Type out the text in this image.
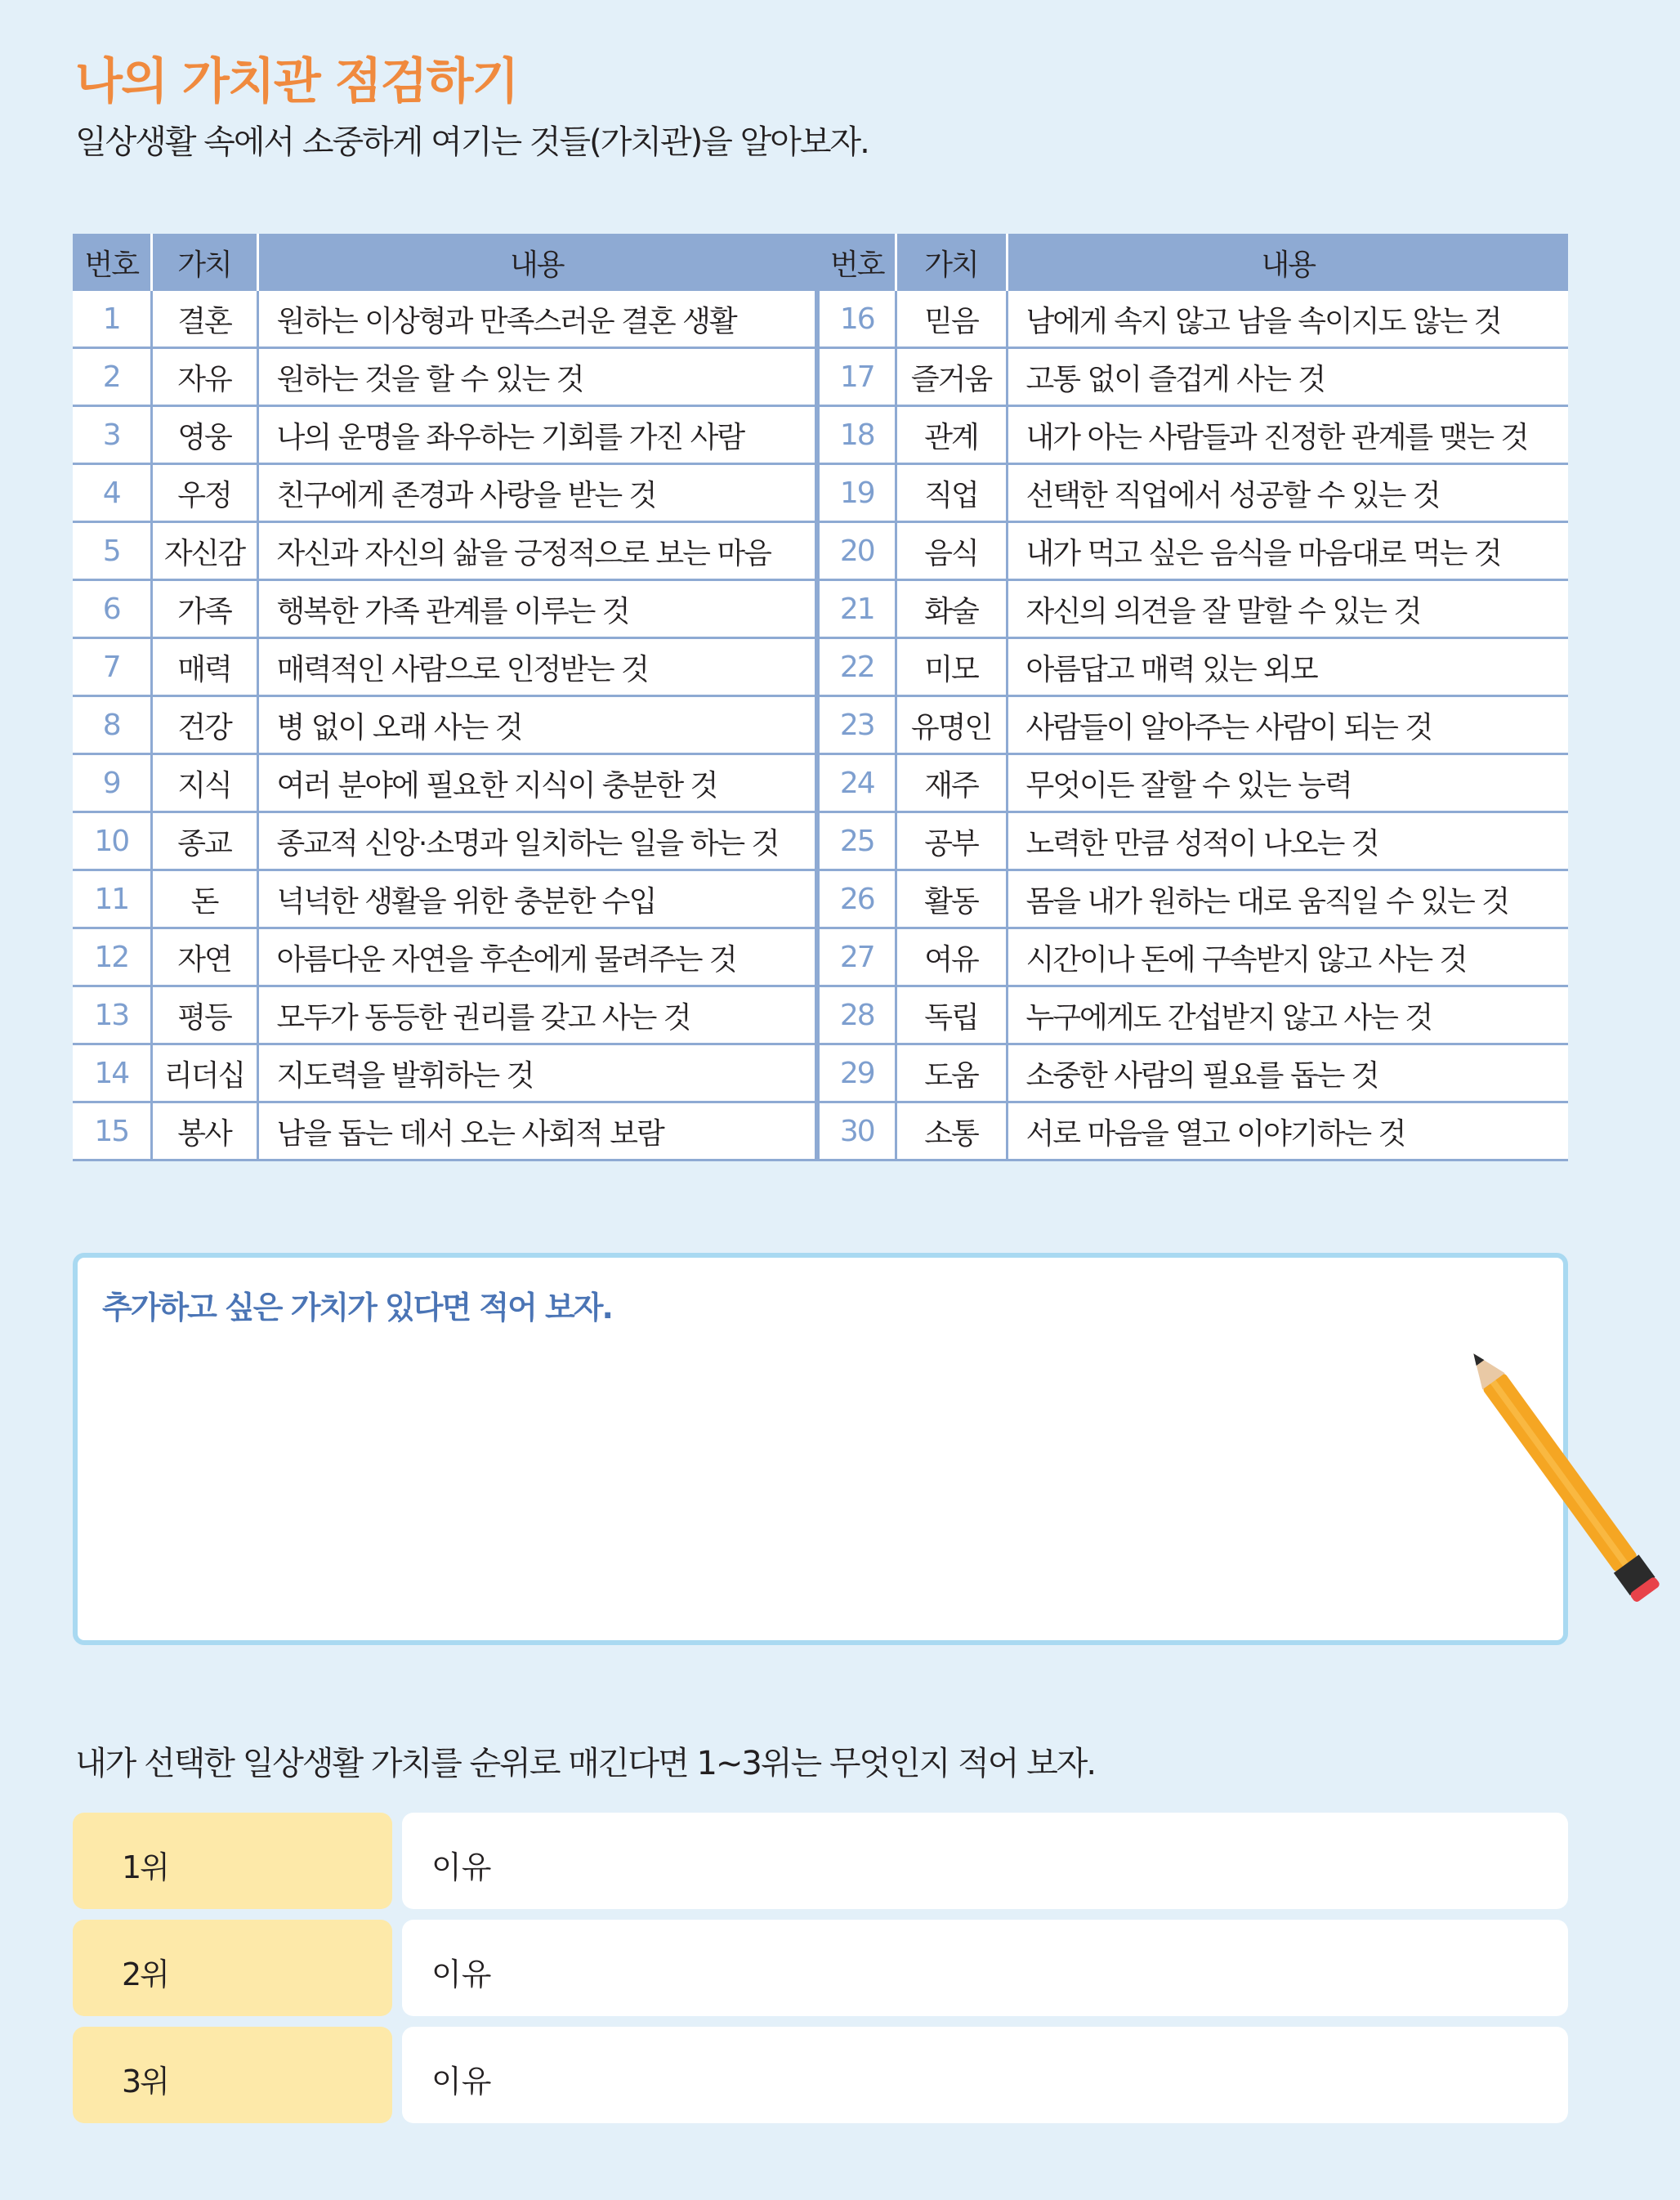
나의 가치관 점검하기
일상생활 속에서 소중하게 여기는 것들(가치관)을 알아보자.
번호	가치	내용	번호	가치	내용
1	결혼	원하는 이상형과 만족스러운 결혼 생활	16	믿음	남에게 속지 않고 남을 속이지도 않는 것
2	자유	원하는 것을 할 수 있는 것	17	즐거움	고통 없이 즐겁게 사는 것
3	영웅	나의 운명을 좌우하는 기회를 가진 사람	18	관계	내가 아는 사람들과 진정한 관계를 맺는 것
4	우정	친구에게 존경과 사랑을 받는 것	19	직업	선택한 직업에서 성공할 수 있는 것
5	자신감	자신과 자신의 삶을 긍정적으로 보는 마음	20	음식	내가 먹고 싶은 음식을 마음대로 먹는 것
6	가족	행복한 가족 관계를 이루는 것	21	화술	자신의 의견을 잘 말할 수 있는 것
7	매력	매력적인 사람으로 인정받는 것	22	미모	아름답고 매력 있는 외모
8	건강	병 없이 오래 사는 것	23	유명인	사람들이 알아주는 사람이 되는 것
9	지식	여러 분야에 필요한 지식이 충분한 것	24	재주	무엇이든 잘할 수 있는 능력
10	종교	종교적 신앙·소명과 일치하는 일을 하는 것	25	공부	노력한 만큼 성적이 나오는 것
11	돈	넉넉한 생활을 위한 충분한 수입	26	활동	몸을 내가 원하는 대로 움직일 수 있는 것
12	자연	아름다운 자연을 후손에게 물려주는 것	27	여유	시간이나 돈에 구속받지 않고 사는 것
13	평등	모두가 동등한 권리를 갖고 사는 것	28	독립	누구에게도 간섭받지 않고 사는 것
14	리더십	지도력을 발휘하는 것	29	도움	소중한 사람의 필요를 돕는 것
15	봉사	남을 돕는 데서 오는 사회적 보람	30	소통	서로 마음을 열고 이야기하는 것
추가하고 싶은 가치가 있다면 적어 보자.
내가 선택한 일상생활 가치를 순위로 매긴다면 1~3위는 무엇인지 적어 보자.
1위	이유
2위	이유
3위	이유
